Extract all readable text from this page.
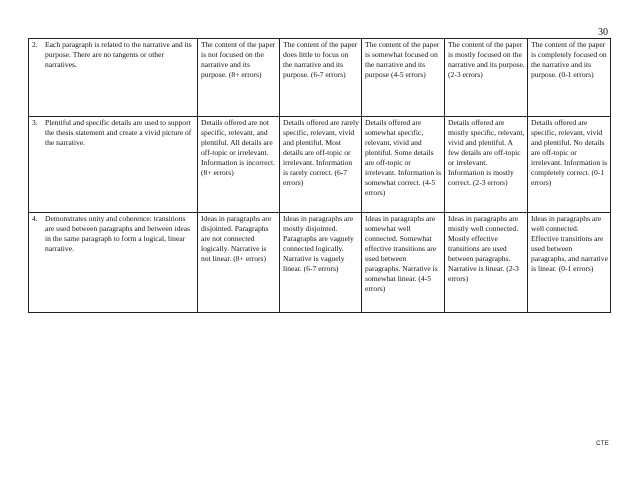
30
2. Each paragraph is related to the narrative and its purpose. There are no tangents or other narratives.	The content of the paper is not focused on the narrative and its purpose. (8+ errors)	The content of the paper does little to focus on the narrative and its purpose. (6-7 errors)	The content of the paper is somewhat focused on the narrative and its purpose (4-5 errors)	The content of the paper is mostly focused on the narrative and its purpose. (2-3 errors)	The content of the paper is completely focused on the narrative and its purpose. (0-1 errors)

3. Plentiful and specific details are used to support the thesis statement and create a vivid picture of the narrative.	Details offered are not specific, relevant, and plentiful. All details are off-topic or irrelevant. Information is incorrect. (8+ errors)	Details offered are rarely specific, relevant, vivid and plentiful. Most details are off-topic or irrelevant. Information is rarely correct. (6-7 errors)	Details offered are somewhat specific, relevant, vivid and plentiful. Some details are off-topic or irrelevant. Information is somewhat correct. (4-5 errors)	Details offered are mostly specific, relevant, vivid and plentiful. A few details are off-topic or irrelevant. Information is mostly correct. (2-3 errors)	Details offered are specific, relevant, vivid and plentiful. No details are off-topic or irrelevant. Information is completely correct. (0-1 errors)

4. Demonstrates unity and coherence: transitions are used between paragraphs and between ideas in the same paragraph to form a logical, linear narrative.	Ideas in paragraphs are disjointed. Paragraphs are not connected logically. Narrative is not linear. (8+ errors)	Ideas in paragraphs are mostly disjointed. Paragraphs are vaguely connected logically. Narrative is vaguely linear. (6-7 errors)	Ideas in paragraphs are somewhat well connected. Somewhat effective transitions are used between paragraphs. Narrative is somewhat linear. (4-5 errors)	Ideas in paragraphs are mostly well connected. Mostly effective transitions are used between paragraphs. Narrative is linear. (2-3 errors)	Ideas in paragraphs are well connected. Effective transitions are used between paragraphs, and narrative is linear. (0-1 errors)
CTE
